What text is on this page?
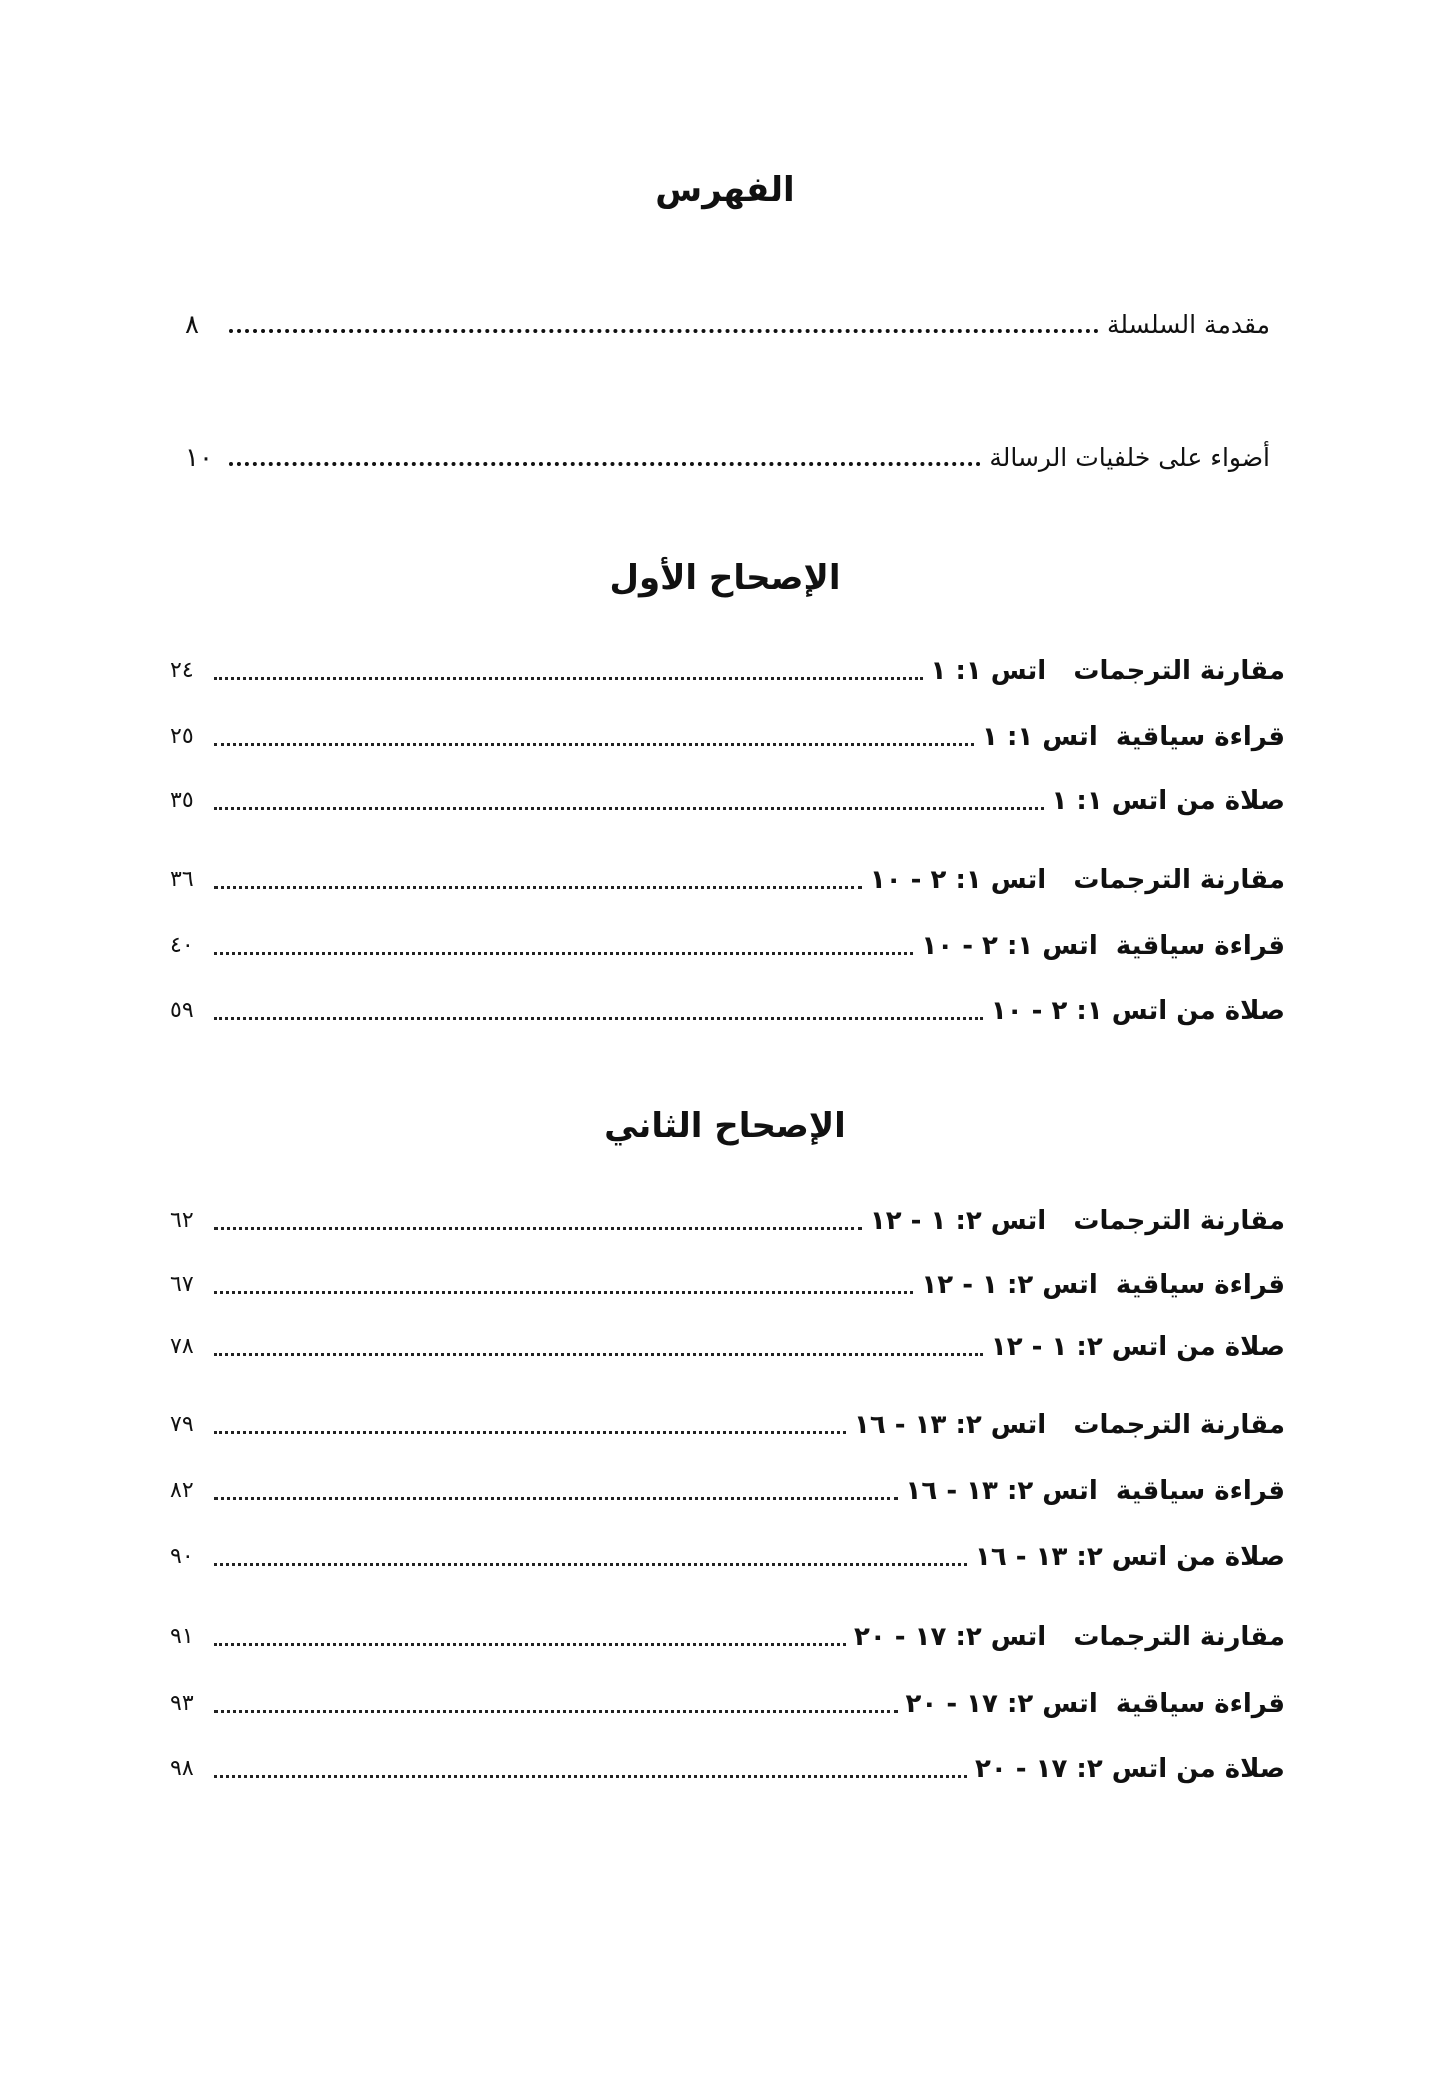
الفهرس
مقدمة السلسلة
٨
أضواء على خلفيات الرسالة
١٠
الإصحاح الأول
مقارنة الترجمات   اتس ١: ١
٢٤
قراءة سياقية  اتس ١: ١
٢٥
صلاة من اتس ١: ١
٣٥
مقارنة الترجمات   اتس ١: ٢ - ١٠
٣٦
قراءة سياقية  اتس ١: ٢ - ١٠
٤٠
صلاة من اتس ١: ٢ - ١٠
٥٩
الإصحاح الثاني
مقارنة الترجمات   اتس ٢: ١ - ١٢
٦٢
قراءة سياقية  اتس ٢: ١ - ١٢
٦٧
صلاة من اتس ٢: ١ - ١٢
٧٨
مقارنة الترجمات   اتس ٢: ١٣ - ١٦
٧٩
قراءة سياقية  اتس ٢: ١٣ - ١٦
٨٢
صلاة من اتس ٢: ١٣ - ١٦
٩٠
مقارنة الترجمات   اتس ٢: ١٧ - ٢٠
٩١
قراءة سياقية  اتس ٢: ١٧ - ٢٠
٩٣
صلاة من اتس ٢: ١٧ - ٢٠
٩٨
